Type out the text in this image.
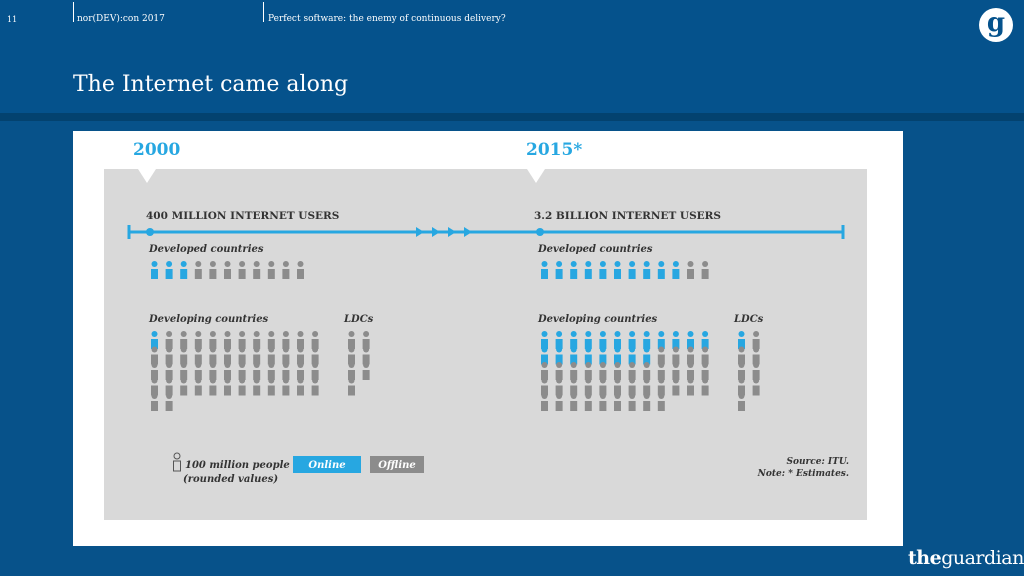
11	nor(DEV):con 2017	Perfect software: the enemy of continuous delivery?	g
The Internet came along
2000	2015*
400 MILLION INTERNET USERS	3.2 BILLION INTERNET USERS
Developed countries	Developed countries
Developing countries	Developing countries
LDCs	LDCs
100 million people
(rounded values)
Online	Offline	Source: ITU.
Note: * Estimates.
theguardian
